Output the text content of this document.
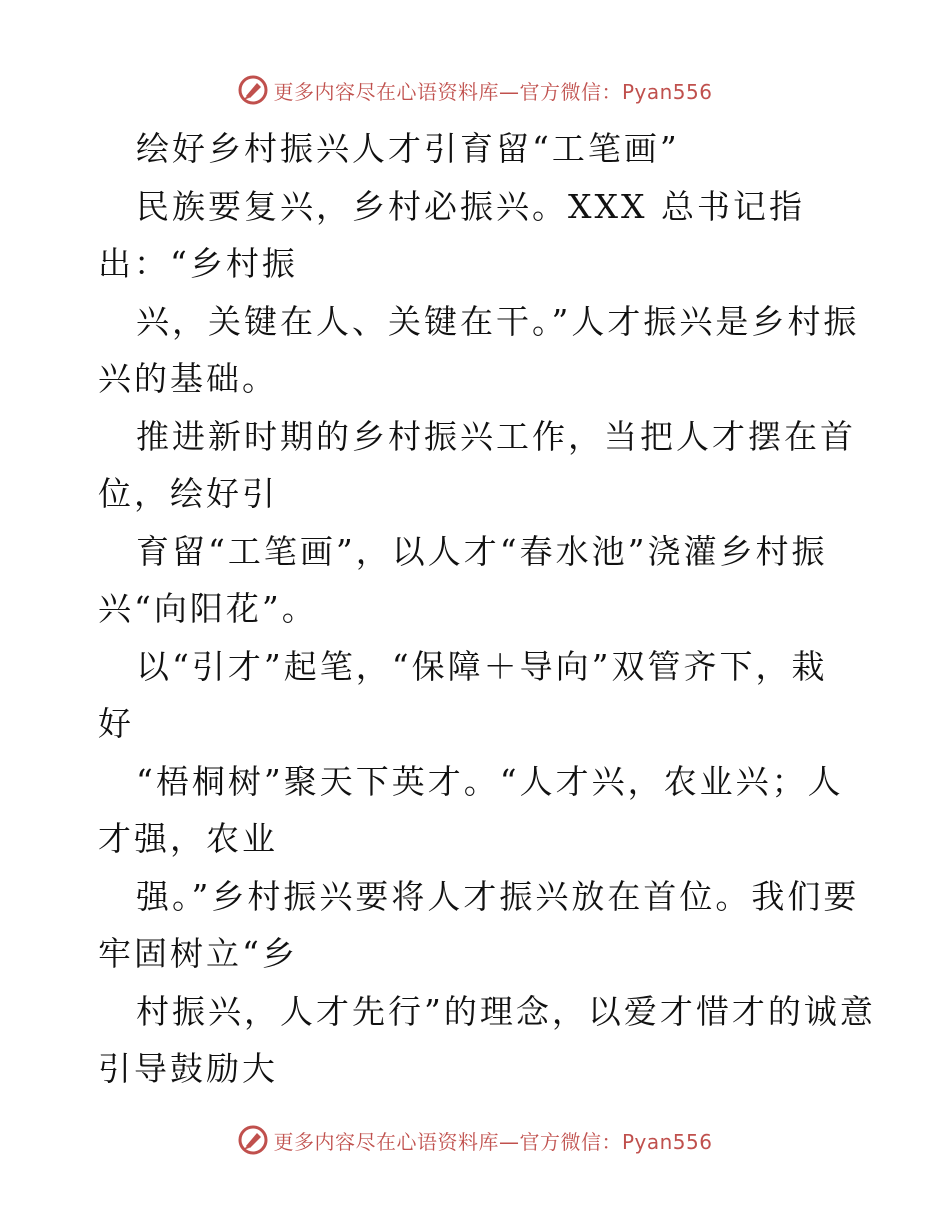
更多内容尽在心语资料库—官方微信：Pyan556
绘好乡村振兴人才引育留“工笔画”
民族要复兴，乡村必振兴。XXX 总书记指
出：“乡村振
兴，关键在人、关键在干。”人才振兴是乡村振
兴的基础。
推进新时期的乡村振兴工作，当把人才摆在首
位，绘好引
育留“工笔画”，以人才“春水池”浇灌乡村振
兴“向阳花”。
以“引才”起笔，“保障＋导向”双管齐下，栽
好
“梧桐树”聚天下英才。“人才兴，农业兴；人
才强，农业
强。”乡村振兴要将人才振兴放在首位。我们要
牢固树立“乡
村振兴，人才先行”的理念，以爱才惜才的诚意
引导鼓励大
更多内容尽在心语资料库—官方微信：Pyan556
